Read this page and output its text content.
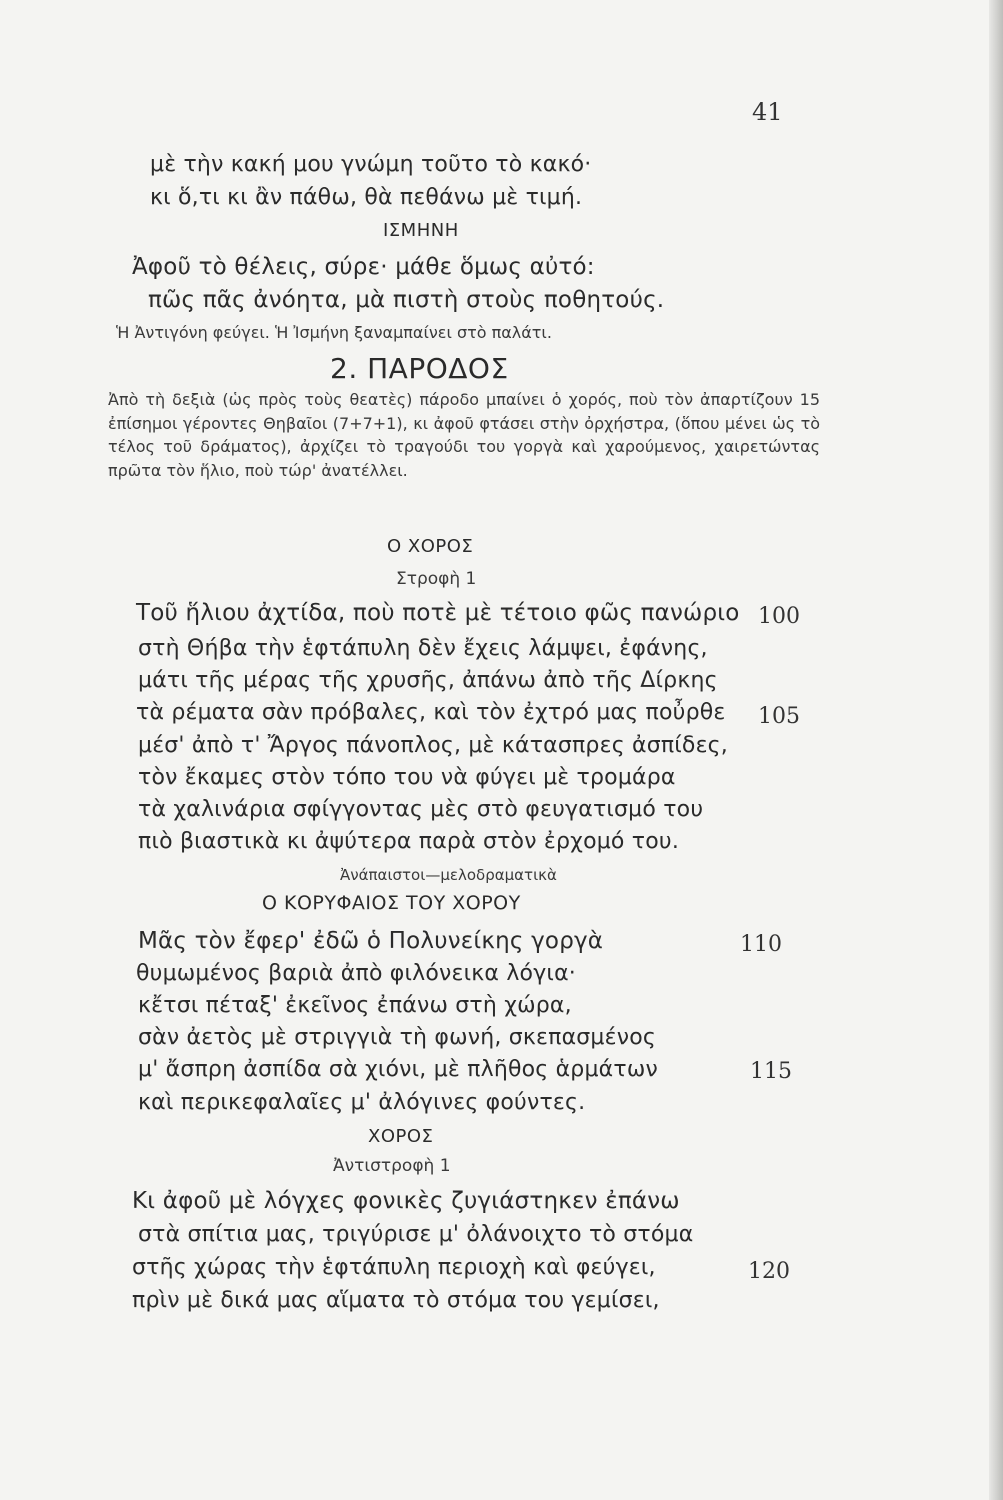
41
μὲ τὴν κακή μου γνώμη τοῦτο τὸ κακό·
κι ὅ,τι κι ἂν πάθω, θὰ πεθάνω μὲ τιμή.
ΙΣΜΗΝΗ
Ἀφοῦ τὸ θέλεις, σύρε· μάθε ὅμως αὐτό:
πῶς πᾶς ἀνόητα, μὰ πιστὴ στοὺς ποθητούς.
Ἡ Ἀντιγόνη φεύγει. Ἡ Ἰσμήνη ξαναμπαίνει στὸ παλάτι.
2. ΠΑΡΟΔΟΣ
Ἀπὸ τὴ δεξιὰ (ὡς πρὸς τοὺς θεατὲς) πάροδο μπαίνει ὁ χορός, ποὺ τὸν ἀπαρτίζουν 15 ἐπίσημοι γέροντες Θηβαῖοι (7+7+1), κι ἀφοῦ φτάσει στὴν ὀρχήστρα, (ὅπου μένει ὡς τὸ τέλος τοῦ δράματος), ἀρχίζει τὸ τραγούδι του γοργὰ καὶ χαρούμενος, χαιρετώντας πρῶτα τὸν ἥλιο, ποὺ τώρ' ἀνατέλλει.
Ο ΧΟΡΟΣ
Στροφὴ 1
Τοῦ ἥλιου ἀχτίδα, ποὺ ποτὲ μὲ τέτοιο φῶς πανώριο 100
στὴ Θήβα τὴν ἑφτάπυλη δὲν ἔχεις λάμψει, ἐφάνης,
μάτι τῆς μέρας τῆς χρυσῆς, ἀπάνω ἀπὸ τῆς Δίρκης
τὰ ρέματα σὰν πρόβαλες, καὶ τὸν ἐχτρό μας ποὖρθε 105
μέσ' ἀπὸ τ' Ἄργος πάνοπλος, μὲ κάτασπρες ἀσπίδες,
τὸν ἔκαμες στὸν τόπο του νὰ φύγει μὲ τρομάρα
τὰ χαλινάρια σφίγγοντας μὲς στὸ φευγατισμό του
πιὸ βιαστικὰ κι ἀψύτερα παρὰ στὸν ἐρχομό του.
Ἀνάπαιστοι—μελοδραματικὰ
Ο ΚΟΡΥΦΑΙΟΣ ΤΟΥ ΧΟΡΟΥ
Μᾶς τὸν ἔφερ' ἐδῶ ὁ Πολυνείκης γοργὰ	110
θυμωμένος βαριὰ ἀπὸ φιλόνεικα λόγια·
κἔτσι πέταξ' ἐκεῖνος ἐπάνω στὴ χώρα,
σὰν ἀετὸς μὲ στριγγιὰ τὴ φωνή, σκεπασμένος
μ' ἄσπρη ἀσπίδα σὰ χιόνι, μὲ πλῆθος ἁρμάτων	115
καὶ περικεφαλαῖες μ' ἀλόγινες φούντες.
ΧΟΡΟΣ
Ἀντιστροφὴ 1
Κι ἀφοῦ μὲ λόγχες φονικὲς ζυγιάστηκεν ἐπάνω
στὰ σπίτια μας, τριγύρισε μ' ὀλάνοιχτο τὸ στόμα
στῆς χώρας τὴν ἑφτάπυλη περιοχὴ καὶ φεύγει,	120
πρὶν μὲ δικά μας αἵματα τὸ στόμα του γεμίσει,
